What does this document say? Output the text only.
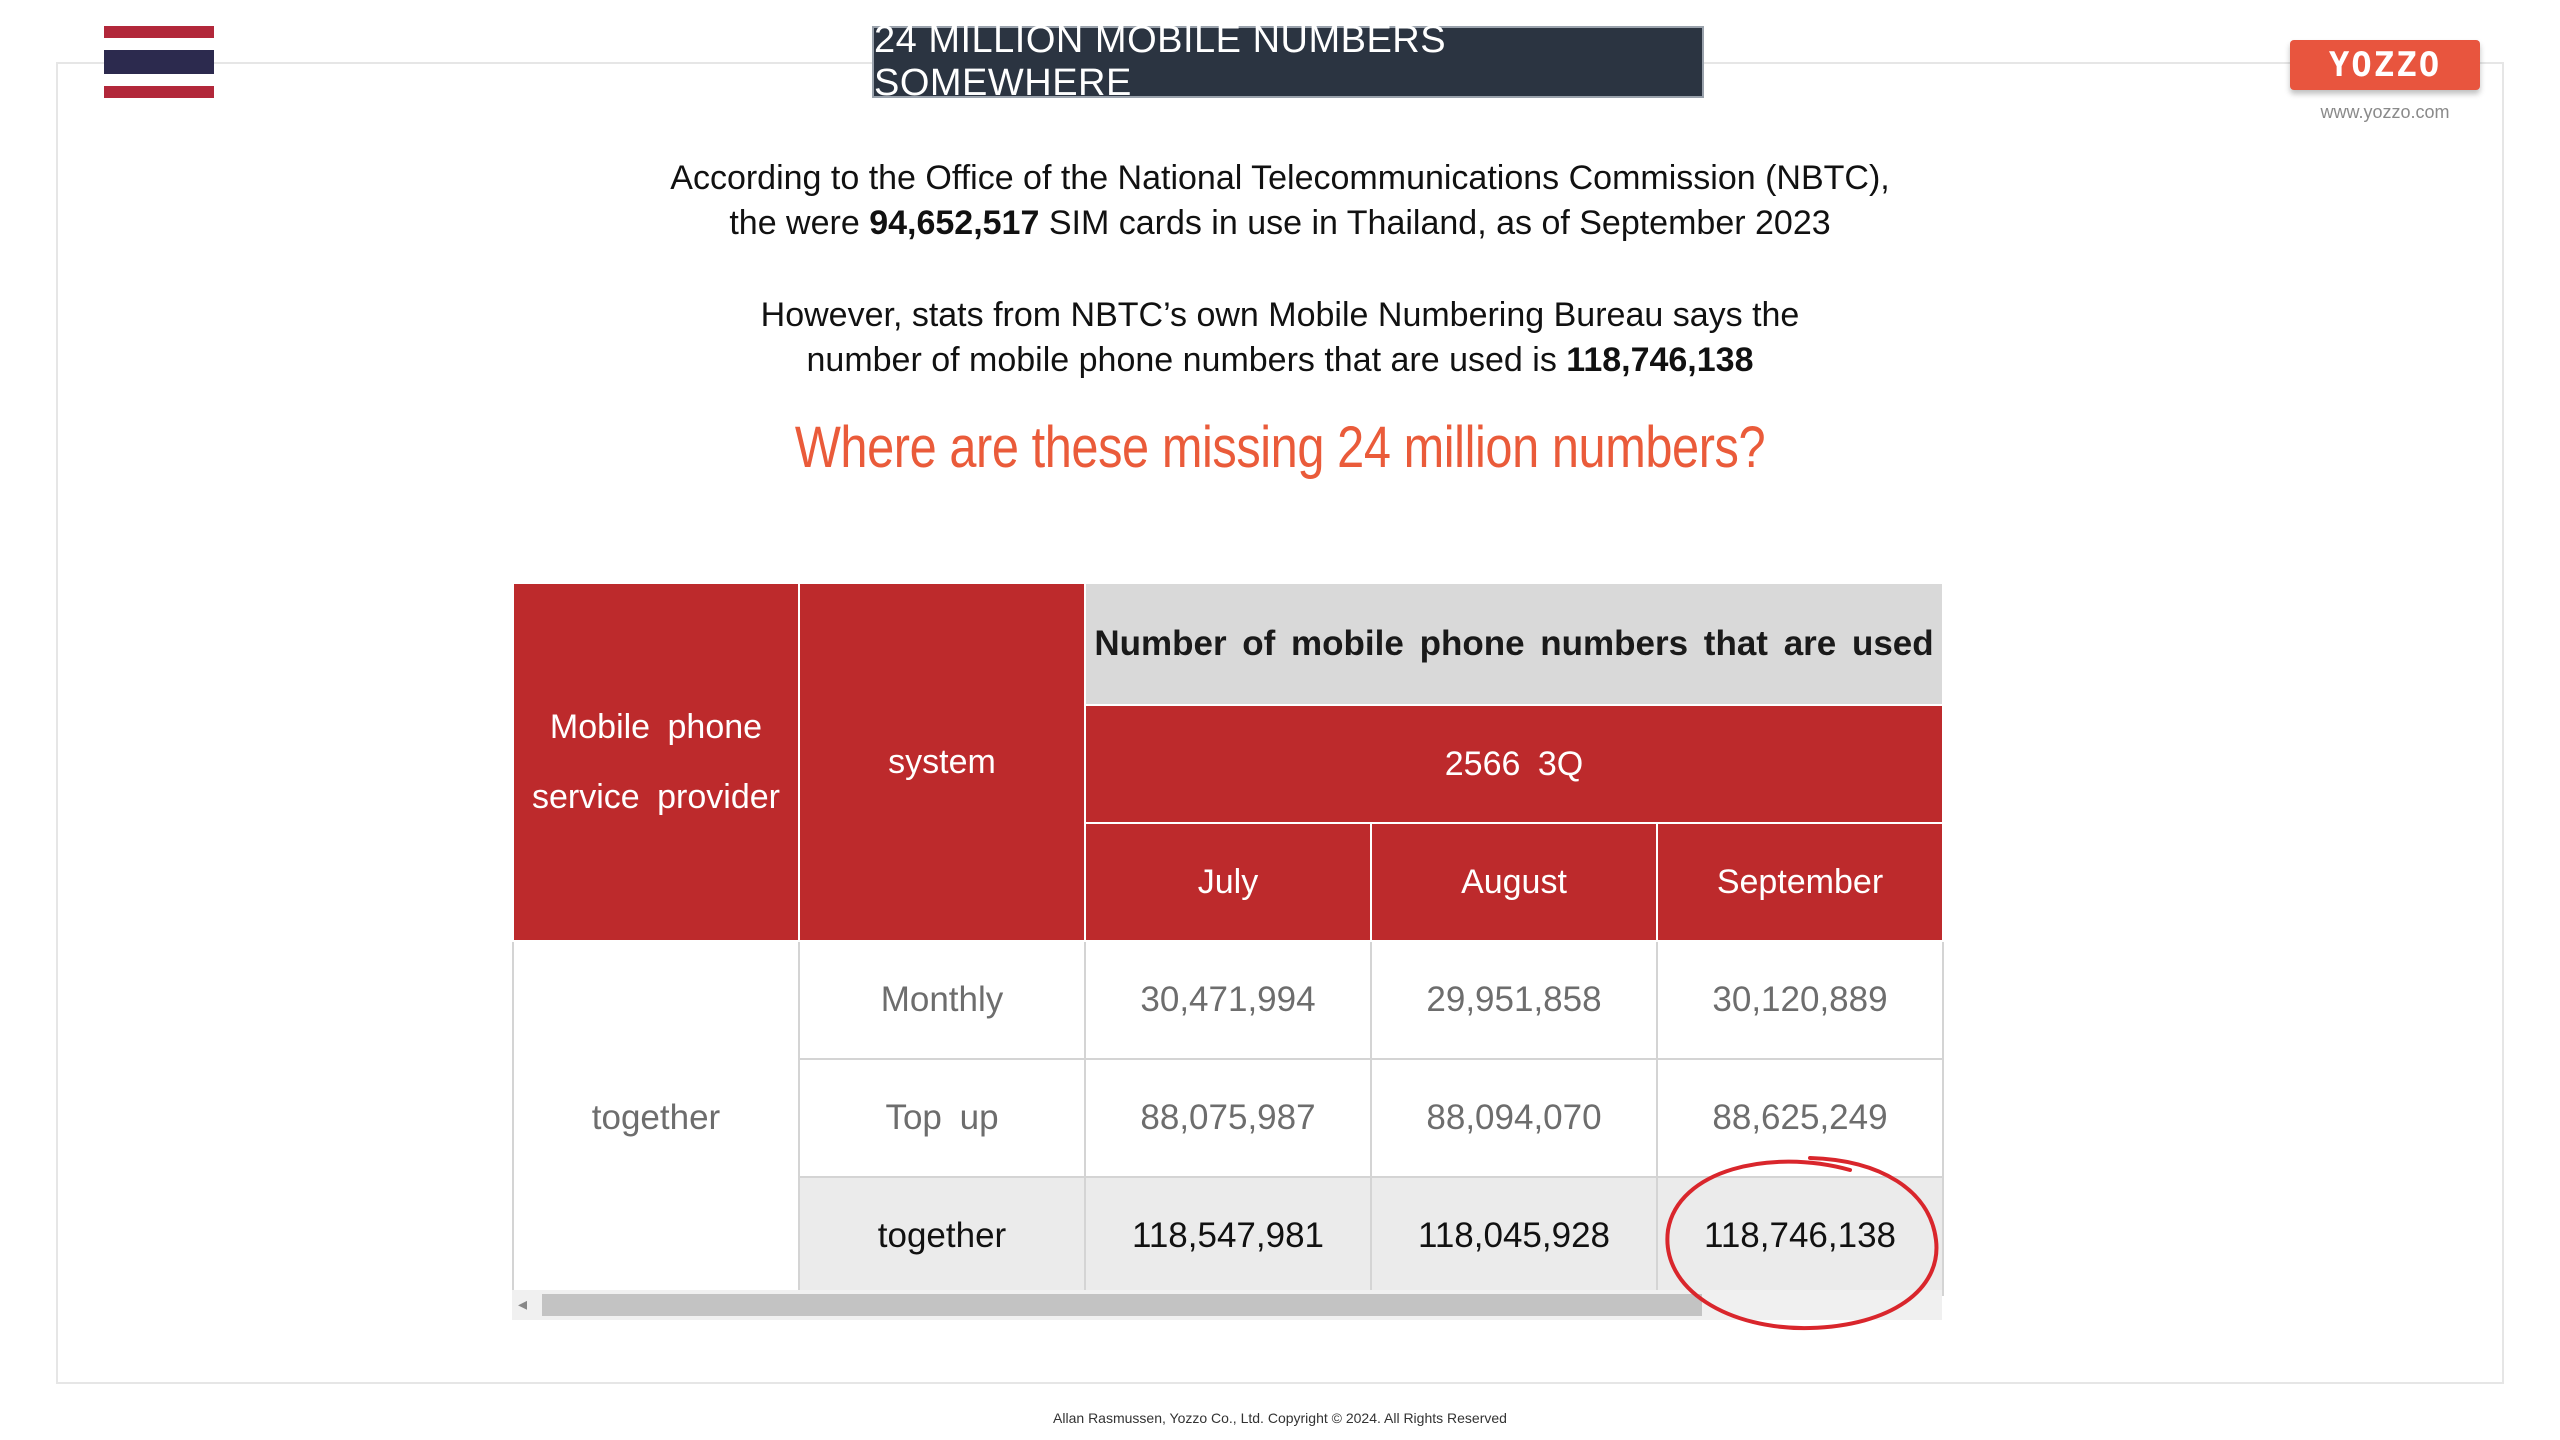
24 MILLION MOBILE NUMBERS SOMEWHERE	YOZZO
www.yozzo.com
According to the Office of the National Telecommunications Commission (NBTC),
the were 94,652,517 SIM cards in use in Thailand, as of September 2023
However, stats from NBTC’s own Mobile Numbering Bureau says the
number of mobile phone numbers that are used is 118,746,138
Where are these missing 24 million numbers?
Mobile phone
service provider	system	Number of mobile phone numbers that are used		
		2566 3Q		
		July	August	September
together	Monthly	30,471,994	29,951,858	30,120,889
	Top up	88,075,987	88,094,070	88,625,249
	together	118,547,981	118,045,928	118,746,138
◂
Allan Rasmussen, Yozzo Co., Ltd. Copyright © 2024. All Rights Reserved
